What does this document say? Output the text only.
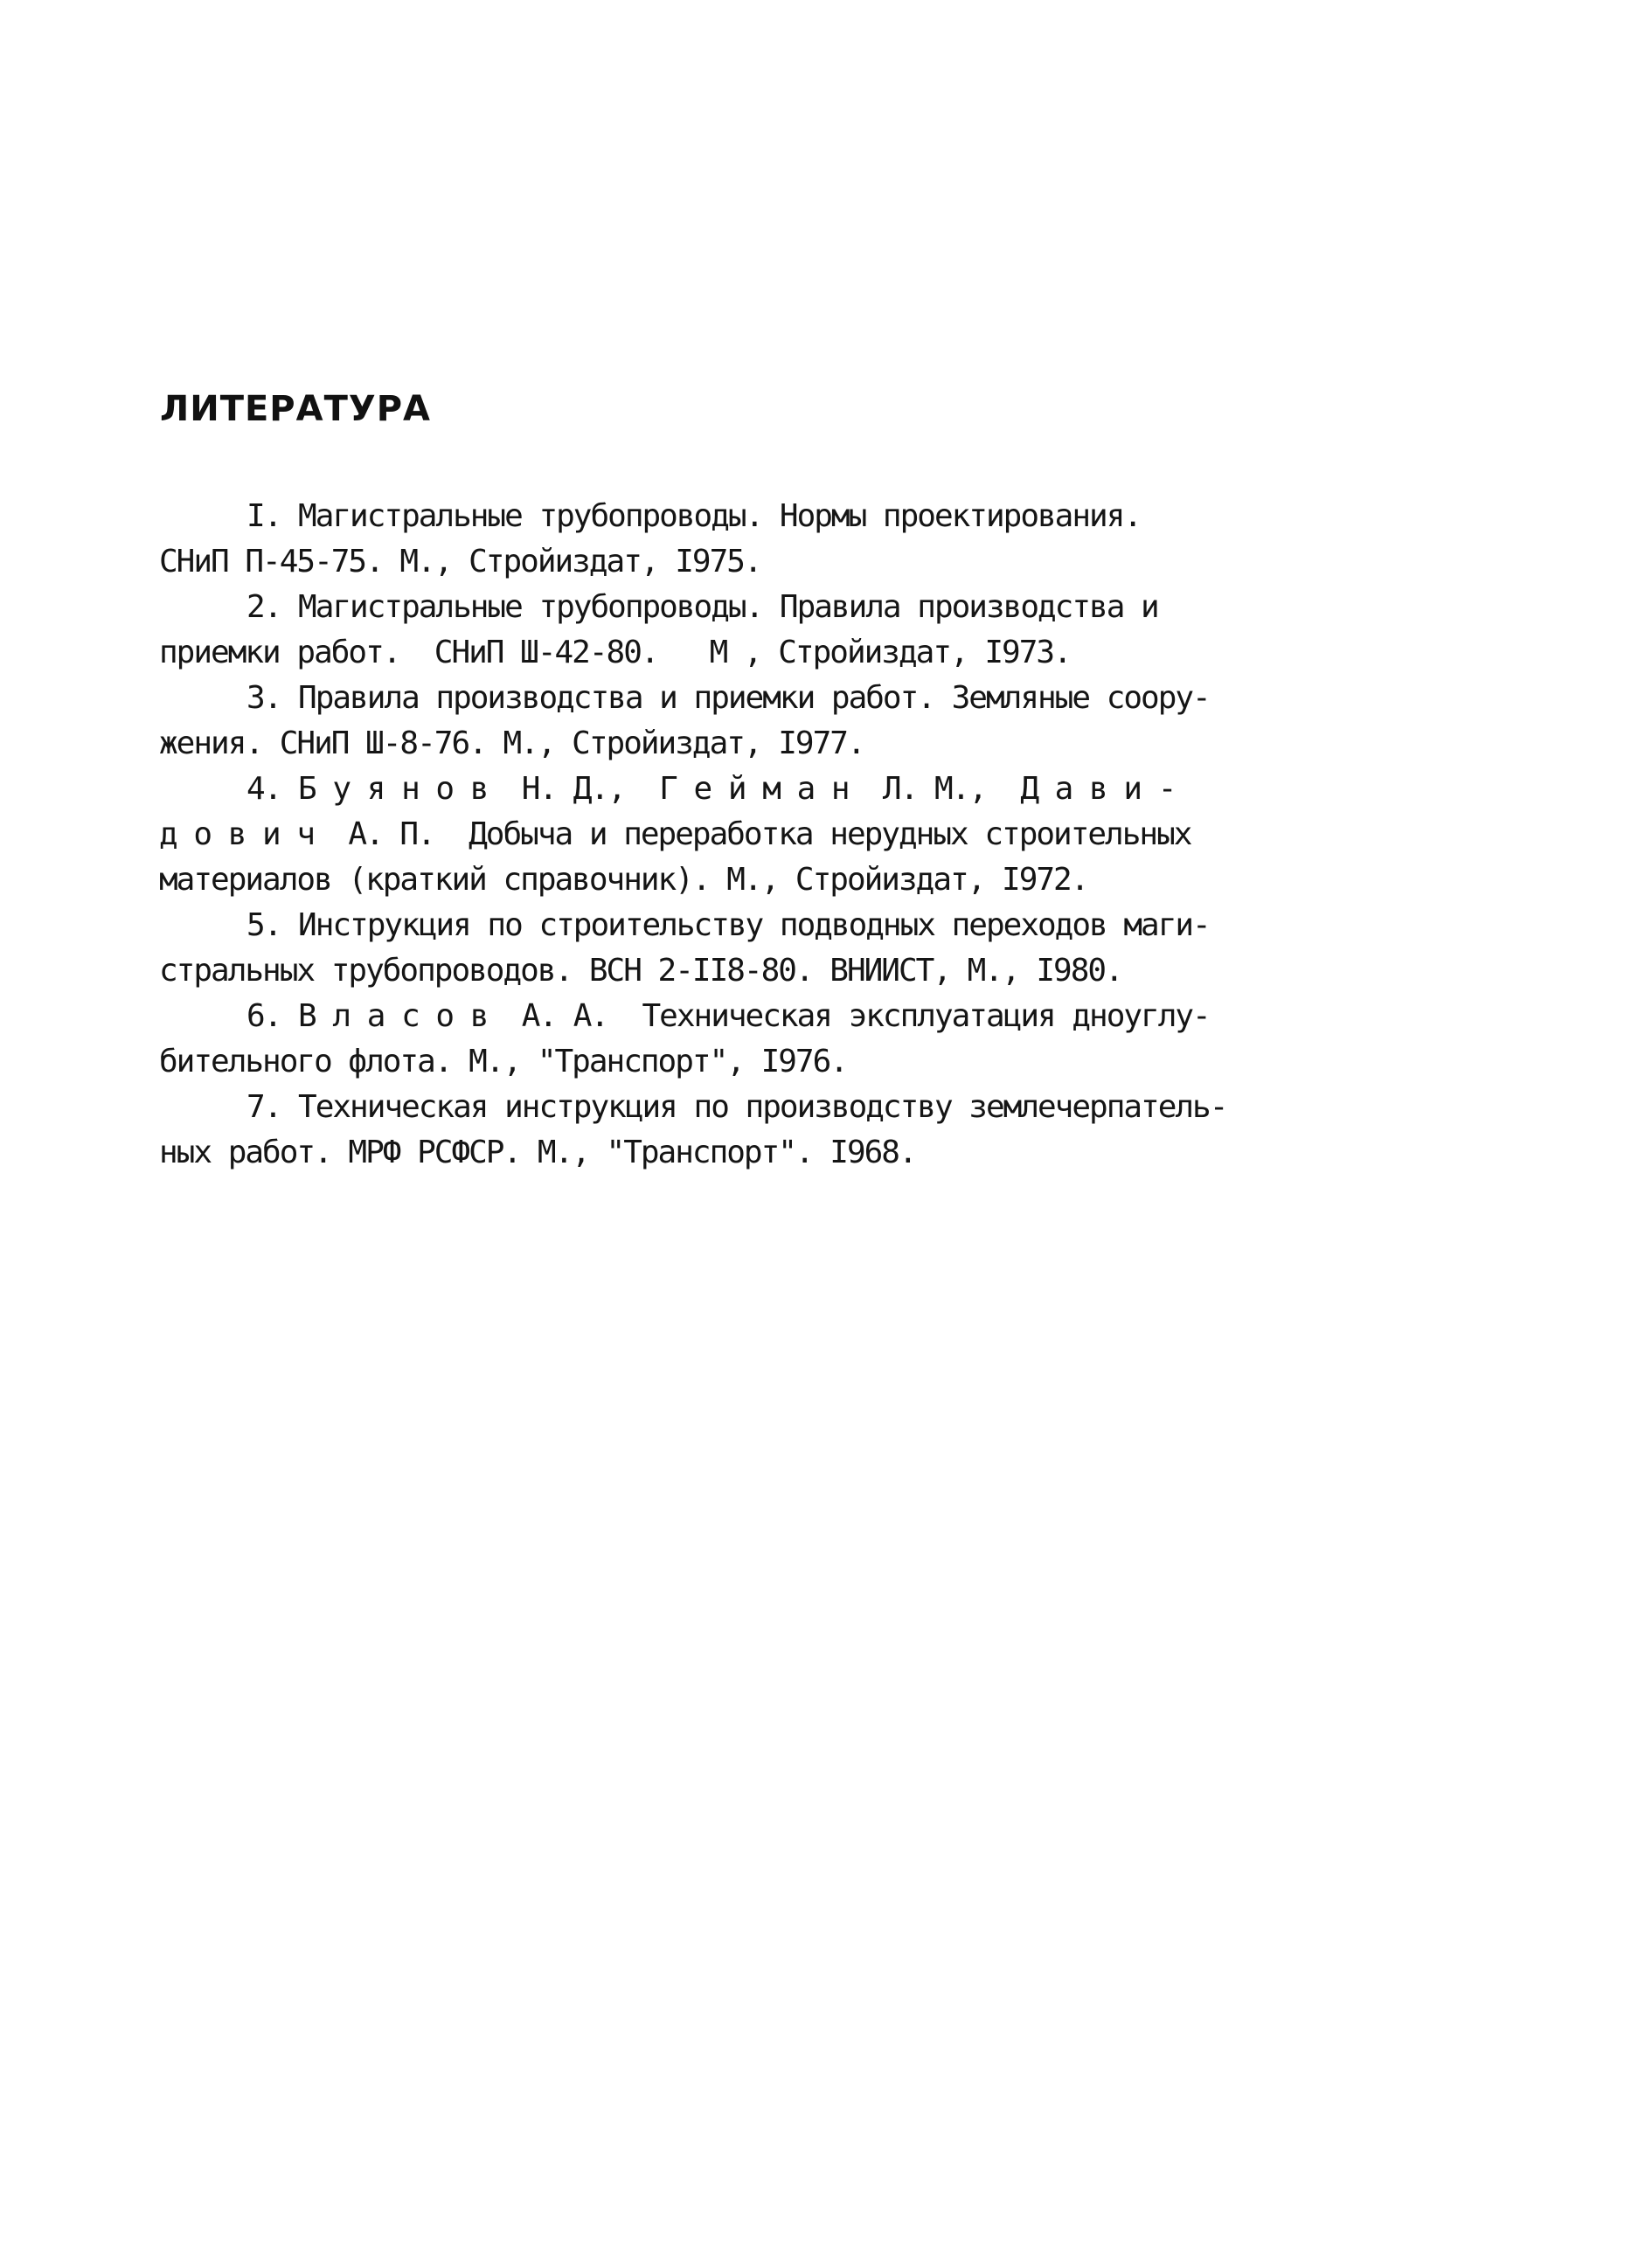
ЛИТЕРАТУРА
I. Магистральные трубопроводы. Нормы проектирования.
СНиП П-45-75. М., Стройиздат, I975.
2. Магистральные трубопроводы. Правила производства и
приемки работ.  СНиП Ш-42-80.   М , Стройиздат, I973.
3. Правила производства и приемки работ. Земляные соору-
жения. СНиП Ш-8-76. М., Стройиздат, I977.
4. Б у я н о в  Н. Д.,  Г е й м а н  Л. М.,  Д а в и -
д о в и ч  А. П.  Добыча и переработка нерудных строительных
материалов (краткий справочник). М., Стройиздат, I972.
5. Инструкция по строительству подводных переходов маги-
стральных трубопроводов. ВСН 2-II8-80. ВНИИСТ, М., I980.
6. В л а с о в  А. А.  Техническая эксплуатация дноуглу-
бительного флота. М., "Транспорт", I976.
7. Техническая инструкция по производству землечерпатель-
ных работ. МРФ РСФСР. М., "Транспорт". I968.
